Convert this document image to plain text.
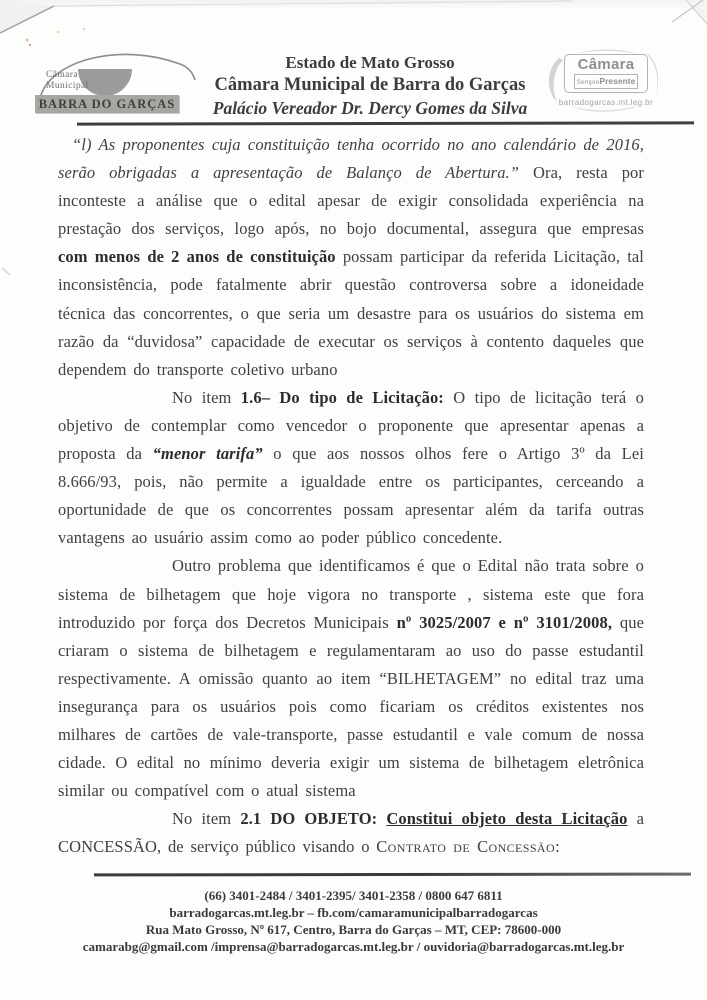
Câmara
Municipal
BARRA DO GARÇAS
Estado de Mato Grosso
Câmara Municipal de Barra do Garças
Palácio Vereador Dr. Dercy Gomes da Silva
Câmara
SemprePresente
barradogarcas.mt.leg.br

“l) As proponentes cuja constituição tenha ocorrido no ano calendário de 2016, serão obrigadas a apresentação de Balanço de Abertura.” Ora, resta por inconteste a análise que o edital apesar de exigir consolidada experiência na prestação dos serviços, logo após, no bojo documental, assegura que empresas com menos de 2 anos de constituição possam participar da referida Licitação, tal inconsistência, pode fatalmente abrir questão controversa sobre a idoneidade técnica das concorrentes, o que seria um desastre para os usuários do sistema em razão da “duvidosa” capacidade de executar os serviços à contento daqueles que dependem do transporte coletivo urbano

No item 1.6– Do tipo de Licitação: O tipo de licitação terá o objetivo de contemplar como vencedor o proponente que apresentar apenas a proposta da “menor tarifa” o que aos nossos olhos fere o Artigo 3º da Lei 8.666/93, pois, não permite a igualdade entre os participantes, cerceando a oportunidade de que os concorrentes possam apresentar além da tarifa outras vantagens ao usuário assim como ao poder público concedente.

Outro problema que identificamos é que o Edital não trata sobre o sistema de bilhetagem que hoje vigora no transporte , sistema este que fora introduzido por força dos Decretos Municipais nº 3025/2007 e nº 3101/2008, que criaram o sistema de bilhetagem e regulamentaram ao uso do passe estudantil respectivamente. A omissão quanto ao item “BILHETAGEM” no edital traz uma insegurança para os usuários pois como ficariam os créditos existentes nos milhares de cartões de vale-transporte, passe estudantil e vale comum de nossa cidade. O edital no mínimo deveria exigir um sistema de bilhetagem eletrônica similar ou compatível com o atual sistema

No item 2.1 DO OBJETO: Constitui objeto desta Licitação a CONCESSÃO, de serviço público visando o Contrato de Concessão:

(66) 3401-2484 / 3401-2395/ 3401-2358 / 0800 647 6811
barradogarcas.mt.leg.br – fb.com/camaramunicipalbarradogarcas
Rua Mato Grosso, Nº 617, Centro, Barra do Garças – MT, CEP: 78600-000
camarabg@gmail.com /imprensa@barradogarcas.mt.leg.br / ouvidoria@barradogarcas.mt.leg.br
